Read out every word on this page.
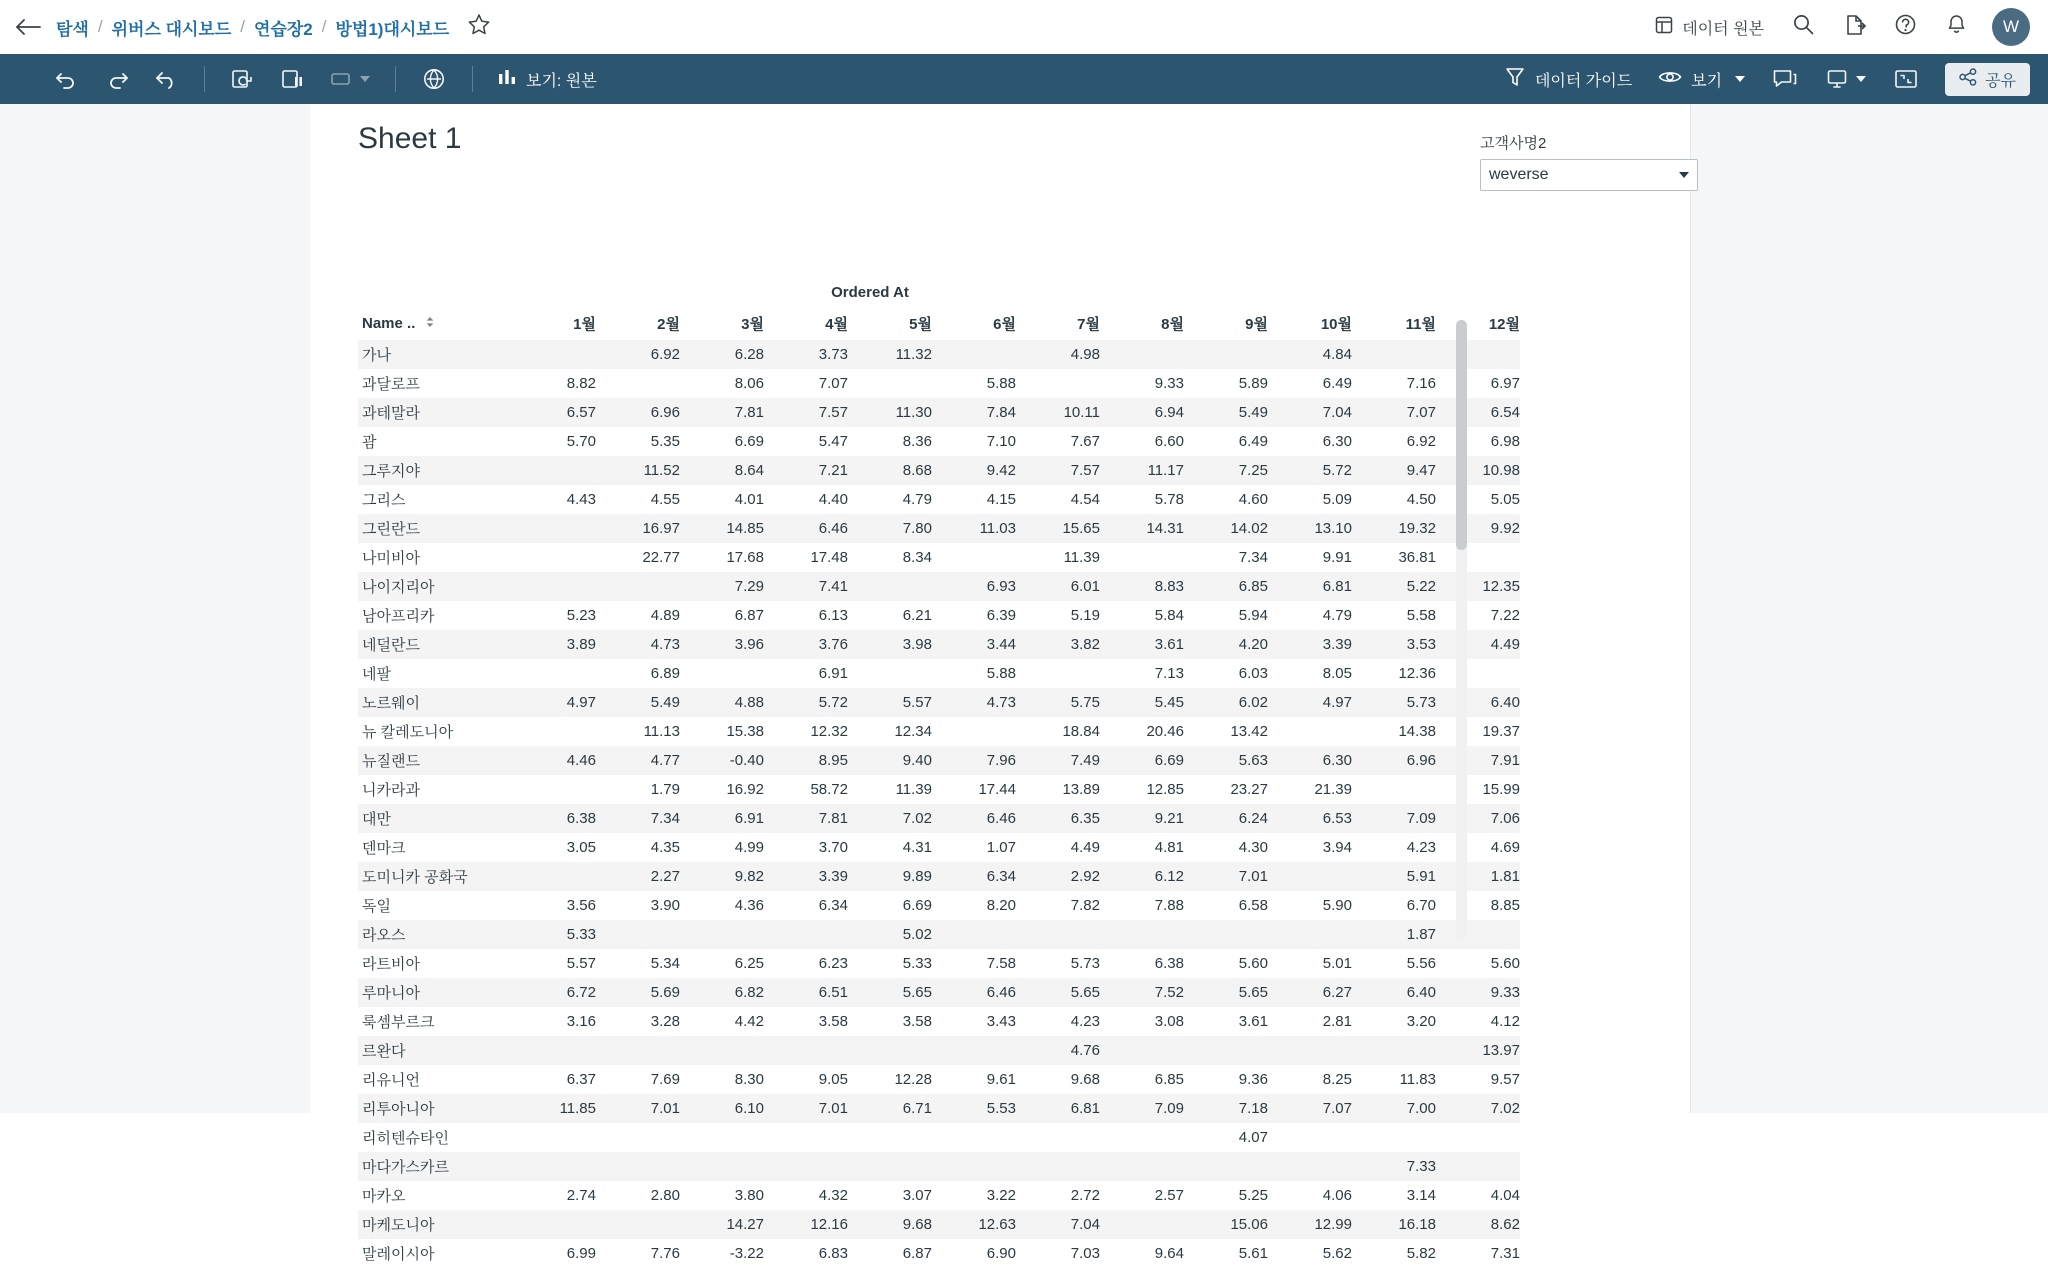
탐색 / 위버스 대시보드 / 연습장2 / 방법1)대시보드	데이터 원본	W
보기: 원본	데이터 가이드	보기	공유
Sheet 1
Ordered At
Name ..	1월	2월	3월	4월	5월	6월	7월	8월	9월	10월	11월	12월
가나		6.92	6.28	3.73	11.32		4.98			4.84		
과달로프	8.82		8.06	7.07		5.88		9.33	5.89	6.49	7.16	6.97
과테말라	6.57	6.96	7.81	7.57	11.30	7.84	10.11	6.94	5.49	7.04	7.07	6.54
괌	5.70	5.35	6.69	5.47	8.36	7.10	7.67	6.60	6.49	6.30	6.92	6.98
그루지야		11.52	8.64	7.21	8.68	9.42	7.57	11.17	7.25	5.72	9.47	10.98
그리스	4.43	4.55	4.01	4.40	4.79	4.15	4.54	5.78	4.60	5.09	4.50	5.05
그린란드		16.97	14.85	6.46	7.80	11.03	15.65	14.31	14.02	13.10	19.32	9.92
나미비아		22.77	17.68	17.48	8.34		11.39		7.34	9.91	36.81	
나이지리아			7.29	7.41		6.93	6.01	8.83	6.85	6.81	5.22	12.35
남아프리카	5.23	4.89	6.87	6.13	6.21	6.39	5.19	5.84	5.94	4.79	5.58	7.22
네덜란드	3.89	4.73	3.96	3.76	3.98	3.44	3.82	3.61	4.20	3.39	3.53	4.49
네팔		6.89		6.91		5.88		7.13	6.03	8.05	12.36	
노르웨이	4.97	5.49	4.88	5.72	5.57	4.73	5.75	5.45	6.02	4.97	5.73	6.40
뉴 칼레도니아		11.13	15.38	12.32	12.34		18.84	20.46	13.42		14.38	19.37
뉴질랜드	4.46	4.77	-0.40	8.95	9.40	7.96	7.49	6.69	5.63	6.30	6.96	7.91
니카라과		1.79	16.92	58.72	11.39	17.44	13.89	12.85	23.27	21.39		15.99
대만	6.38	7.34	6.91	7.81	7.02	6.46	6.35	9.21	6.24	6.53	7.09	7.06
덴마크	3.05	4.35	4.99	3.70	4.31	1.07	4.49	4.81	4.30	3.94	4.23	4.69
도미니카 공화국		2.27	9.82	3.39	9.89	6.34	2.92	6.12	7.01		5.91	1.81
독일	3.56	3.90	4.36	6.34	6.69	8.20	7.82	7.88	6.58	5.90	6.70	8.85
라오스	5.33				5.02						1.87	
라트비아	5.57	5.34	6.25	6.23	5.33	7.58	5.73	6.38	5.60	5.01	5.56	5.60
루마니아	6.72	5.69	6.82	6.51	5.65	6.46	5.65	7.52	5.65	6.27	6.40	9.33
룩셈부르크	3.16	3.28	4.42	3.58	3.58	3.43	4.23	3.08	3.61	2.81	3.20	4.12
르완다							4.76					13.97
리유니언	6.37	7.69	8.30	9.05	12.28	9.61	9.68	6.85	9.36	8.25	11.83	9.57
리투아니아	11.85	7.01	6.10	7.01	6.71	5.53	6.81	7.09	7.18	7.07	7.00	7.02
리히텐슈타인									4.07			
마다가스카르											7.33	
마카오	2.74	2.80	3.80	4.32	3.07	3.22	2.72	2.57	5.25	4.06	3.14	4.04
마케도니아			14.27	12.16	9.68	12.63	7.04		15.06	12.99	16.18	8.62
말레이시아	6.99	7.76	-3.22	6.83	6.87	6.90	7.03	9.64	5.61	5.62	5.82	7.31
고객사명2
weverse
